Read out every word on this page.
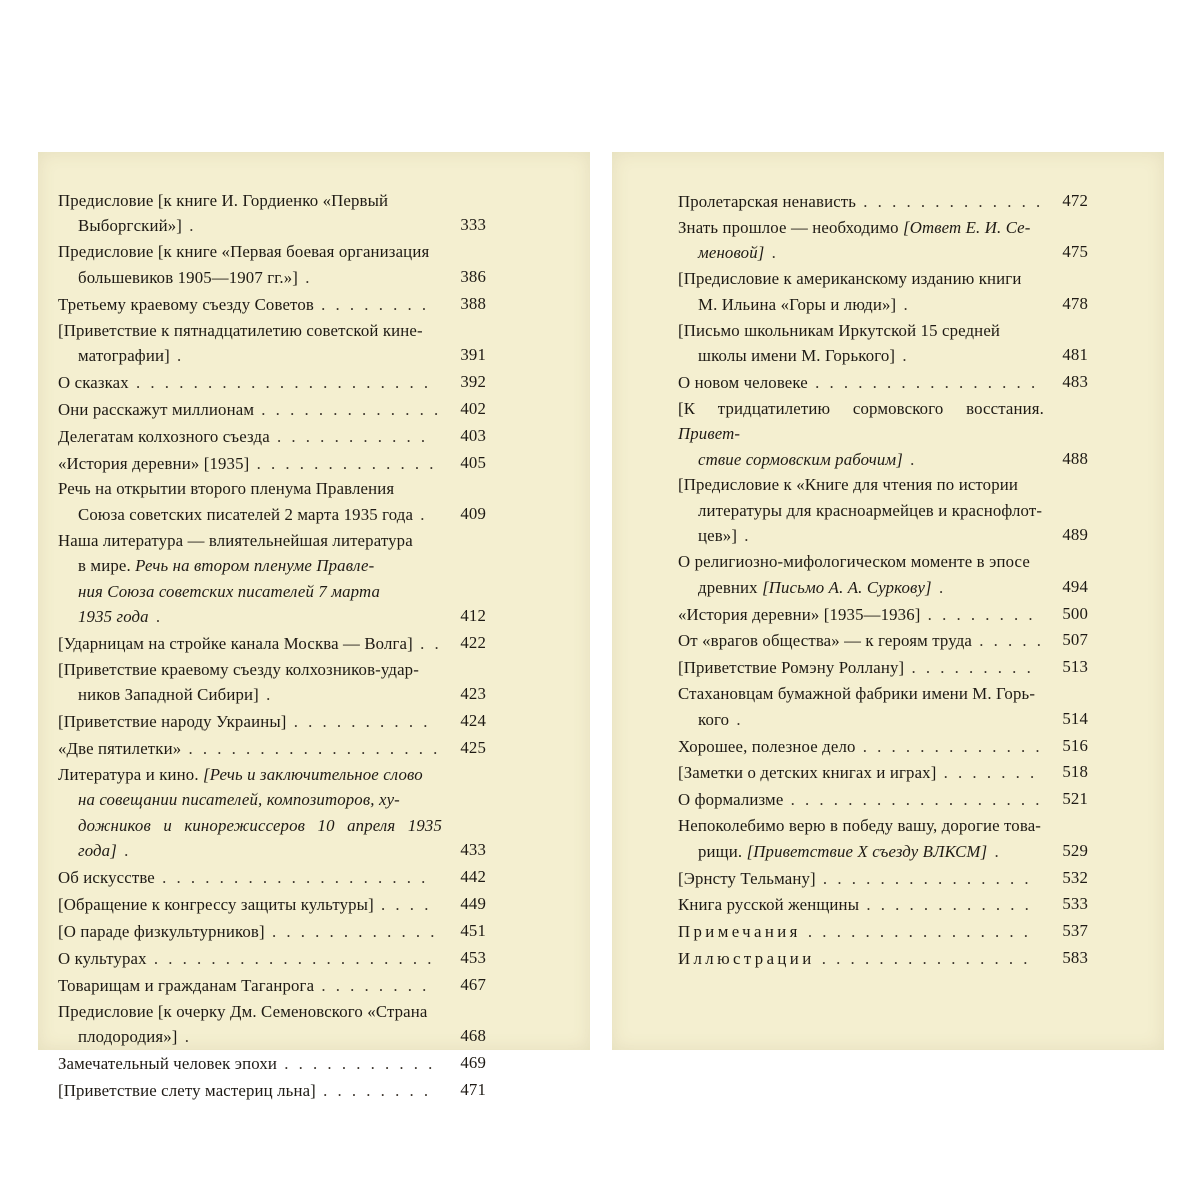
Предисловие [к книге И. Гордиенко «Первый
Выборгский»] .	333
Предисловие [к книге «Первая боевая организация
большевиков 1905—1907 гг.»] .	386
Третьему краевому съезду Советов . . . . . . . .	388
[Приветствие к пятнадцатилетию советской кине-
матографии] .	391
О сказках . . . . . . . . . . . . . . . . . . . . .	392
Они расскажут миллионам . . . . . . . . . . . . .	402
Делегатам колхозного съезда . . . . . . . . . . .	403
«История деревни» [1935] . . . . . . . . . . . . .	405
Речь на открытии второго пленума Правления
Союза советских писателей 2 марта 1935 года .	409
Наша литература — влиятельнейшая литература
в мире. Речь на втором пленуме Правле-
ния Союза советских писателей 7 марта
1935 года .	412
[Ударницам на стройке канала Москва — Волга] . .	422
[Приветствие краевому съезду колхозников-удар-
ников Западной Сибири] .	423
[Приветствие народу Украины] . . . . . . . . . .	424
«Две пятилетки» . . . . . . . . . . . . . . . . . .	425
Литература и кино. [Речь и заключительное слово
на совещании писателей, композиторов, ху-
дожников и кинорежиссеров 10 апреля 1935 года] .	433
Об искусстве . . . . . . . . . . . . . . . . . . .	442
[Обращение к конгрессу защиты культуры] . . . .	449
[О параде физкультурников] . . . . . . . . . . . .	451
О культурах . . . . . . . . . . . . . . . . . . . .	453
Товарищам и гражданам Таганрога . . . . . . . .	467
Предисловие [к очерку Дм. Семеновского «Страна
плодородия»] .	468
Замечательный человек эпохи . . . . . . . . . . .	469
[Приветствие слету мастериц льна] . . . . . . . .	471
Пролетарская ненависть . . . . . . . . . . . . .	472
Знать прошлое — необходимо [Ответ Е. И. Се-
меновой] .	475
[Предисловие к американскому изданию книги
М. Ильина «Горы и люди»] .	478
[Письмо школьникам Иркутской 15 средней
школы имени М. Горького] .	481
О новом человеке . . . . . . . . . . . . . . . .	483
[К тридцатилетию сормовского восстания. Привет-
ствие сормовским рабочим] .	488
[Предисловие к «Книге для чтения по истории
литературы для красноармейцев и краснофлот-
цев»] .	489
О религиозно-мифологическом моменте в эпосе
древних [Письмо А. А. Суркову] .	494
«История деревни» [1935—1936] . . . . . . . .	500
От «врагов общества» — к героям труда . . . . .	507
[Приветствие Ромэну Роллану] . . . . . . . . .	513
Стахановцам бумажной фабрики имени М. Горь-
кого .	514
Хорошее, полезное дело . . . . . . . . . . . . .	516
[Заметки о детских книгах и играх] . . . . . . .	518
О формализме . . . . . . . . . . . . . . . . . .	521
Непоколебимо верю в победу вашу, дорогие това-
рищи. [Приветствие X съезду ВЛКСМ] .	529
[Эрнсту Тельману] . . . . . . . . . . . . . . .	532
Книга русской женщины . . . . . . . . . . . .	533
Примечания . . . . . . . . . . . . . . . .	537
Иллюстрации . . . . . . . . . . . . . . .	583
